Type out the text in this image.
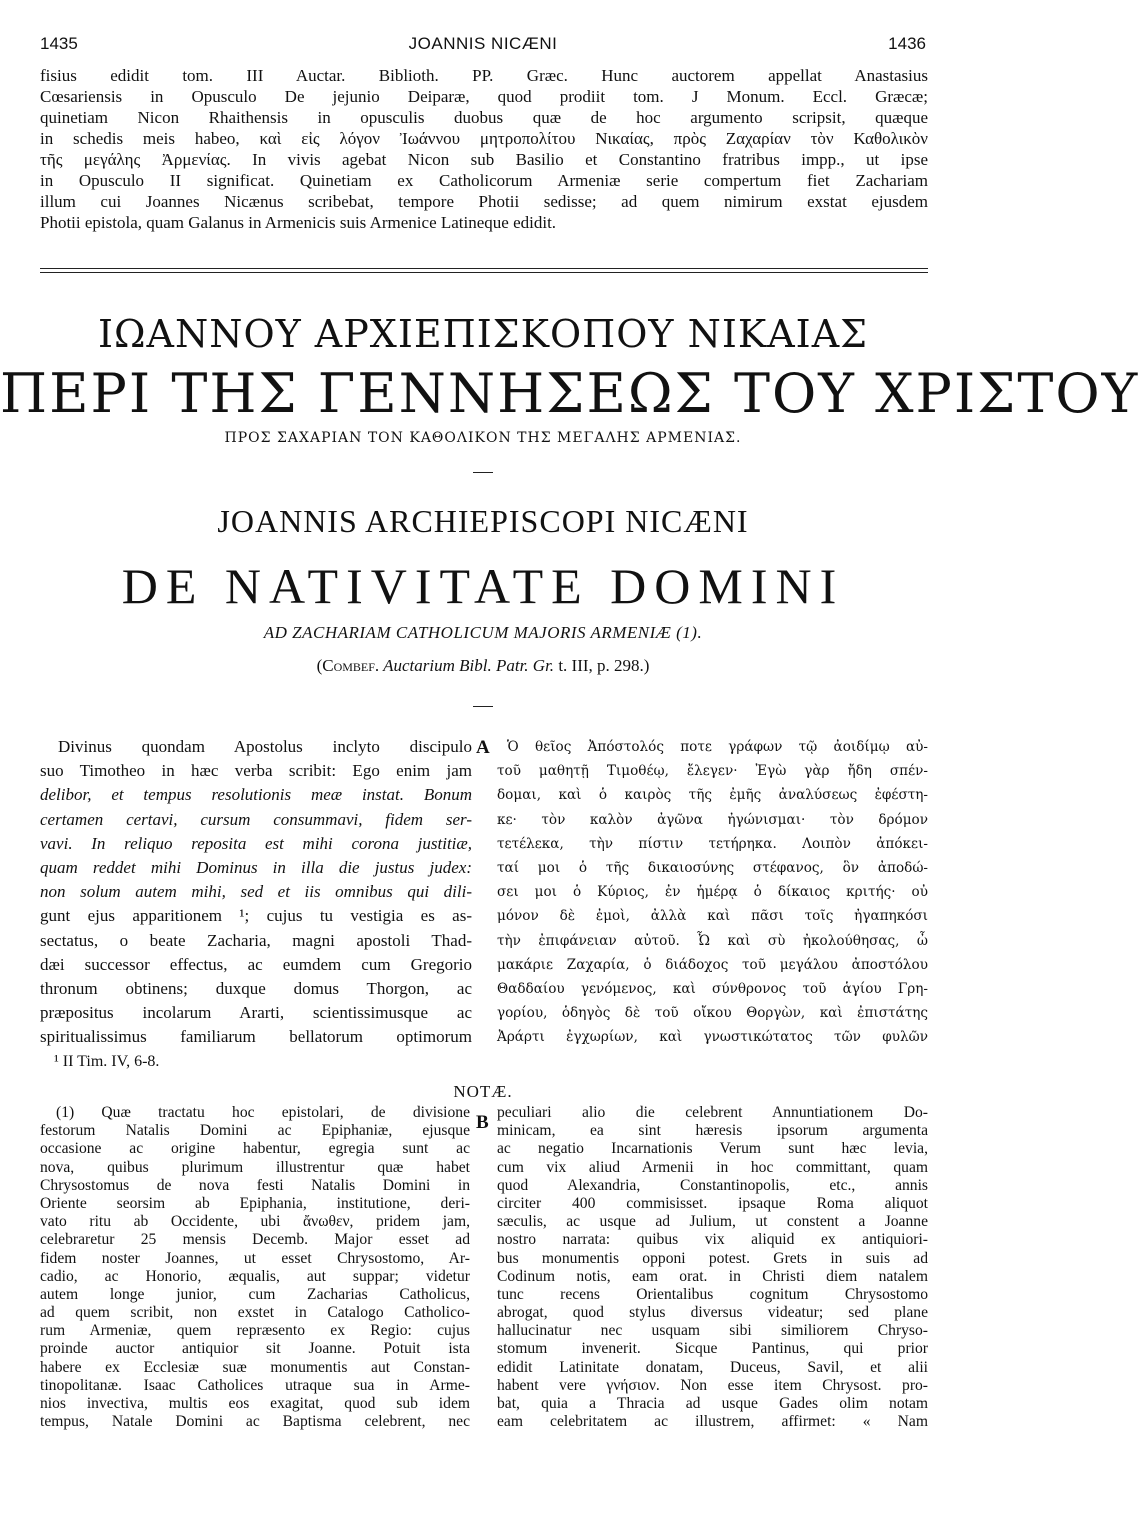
1435	JOANNIS NICÆNI	1436
fisius edidit tom. III Auctar. Biblioth. PP. Græc. Hunc auctorem appellat Anastasius
Cœsariensis in Opusculo De jejunio Deiparæ, quod prodiit tom. J Monum. Eccl. Græcæ;
quinetiam Nicon Rhaithensis in opusculis duobus quæ de hoc argumento scripsit, quæque
in schedis meis habeo, καὶ εἰς λόγον Ἰωάννου μητροπολίτου Νικαίας, πρὸς Ζαχαρίαν τὸν Καθολικὸν
τῆς μεγάλης Ἀρμενίας. In vivis agebat Nicon sub Basilio et Constantino fratribus impp., ut ipse
in Opusculo II significat. Quinetiam ex Catholicorum Armeniæ serie compertum fiet Zachariam
illum cui Joannes Nicænus scribebat, tempore Photii sedisse; ad quem nimirum exstat ejusdem
Photii epistola, quam Galanus in Armenicis suis Armenice Latineque edidit.
ΙΩΑΝΝΟΥ ΑΡΧΙΕΠΙΣΚΟΠΟΥ ΝΙΚΑΙΑΣ
ΠΕΡΙ ΤΗΣ ΓΕΝΝΗΣΕΩΣ ΤΟΥ ΧΡΙΣΤΟΥ
ΠΡΟΣ ΣΑΧΑΡΙΑΝ ΤΟΝ ΚΑΘΟΛΙΚΟΝ ΤΗΣ ΜΕΓΑΛΗΣ ΑΡΜΕΝΙΑΣ.
JOANNIS ARCHIEPISCOPI NICÆNI
DE NATIVITATE DOMINI
AD ZACHARIAM CATHOLICUM MAJORIS ARMENIÆ (1).
(Combef. Auctarium Bibl. Patr. Gr. t. III, p. 298.)
Divinus quondam Apostolus inclyto discipulo
suo Timotheo in hæc verba scribit: Ego enim jam
delibor, et tempus resolutionis meæ instat. Bonum
certamen certavi, cursum consummavi, fidem ser-
vavi. In reliquo reposita est mihi corona justitiæ,
quam reddet mihi Dominus in illa die justus judex:
non solum autem mihi, sed et iis omnibus qui dili-
gunt ejus apparitionem ¹; cujus tu vestigia es as-
sectatus, o beate Zacharia, magni apostoli Thad-
dæi successor effectus, ac eumdem cum Gregorio
thronum obtinens; duxque domus Thorgon, ac
præpositus incolarum Ararti, scientissimusque ac
spiritualissimus familiarum bellatorum optimorum
A	Ὁ θεῖος Ἀπόστολός ποτε γράφων τῷ ἀοιδίμῳ αὐ-
τοῦ μαθητῇ Τιμοθέῳ, ἔλεγεν· Ἐγὼ γὰρ ἤδη σπέν-
δομαι, καὶ ὁ καιρὸς τῆς ἐμῆς ἀναλύσεως ἐφέστη-
κε· τὸν καλὸν ἀγῶνα ἠγώνισμαι· τὸν δρόμον
τετέλεκα, τὴν πίστιν τετήρηκα. Λοιπὸν ἀπόκει-
ταί μοι ὁ τῆς δικαιοσύνης στέφανος, ὃν ἀποδώ-
σει μοι ὁ Κύριος, ἐν ἡμέρᾳ ὁ δίκαιος κριτής· οὐ
μόνον δὲ ἐμοὶ, ἀλλὰ καὶ πᾶσι τοῖς ἠγαπηκόσι
τὴν ἐπιφάνειαν αὐτοῦ. Ὦ καὶ σὺ ἠκολούθησας, ὦ
μακάριε Ζαχαρία, ὁ διάδοχος τοῦ μεγάλου ἀποστόλου
Θαδδαίου γενόμενος, καὶ σύνθρονος τοῦ ἁγίου Γρη-
γορίου, ὁδηγὸς δὲ τοῦ οἴκου Θοργὼν, καὶ ἐπιστάτης
Ἀράρτι ἐγχωρίων, καὶ γνωστικώτατος τῶν φυλῶν
¹ II Tim. IV, 6-8.
NOTÆ.
(1) Quæ tractatu hoc epistolari, de divisione
festorum Natalis Domini ac Epiphaniæ, ejusque
occasione ac origine habentur, egregia sunt ac
nova, quibus plurimum illustrentur quæ habet
Chrysostomus de nova festi Natalis Domini in
Oriente seorsim ab Epiphania, institutione, deri-
vato ritu ab Occidente, ubi ἄνωθεν, pridem jam,
celebraretur 25 mensis Decemb. Major esset ad
fidem noster Joannes, ut esset Chrysostomo, Ar-
cadio, ac Honorio, æqualis, aut suppar; videtur
autem longe junior, cum Zacharias Catholicus,
ad quem scribit, non exstet in Catalogo Catholico-
rum Armeniæ, quem repræsento ex Regio: cujus
proinde auctor antiquior sit Joanne. Potuit ista
habere ex Ecclesiæ suæ monumentis aut Constan-
tinopolitanæ. Isaac Catholices utraque sua in Arme-
nios invectiva, multis eos exagitat, quod sub idem
tempus, Natale Domini ac Baptisma celebrent, nec
B peculiari alio die celebrent Annuntiationem Do-
minicam, ea sint hæresis ipsorum argumenta
ac negatio Incarnationis Verum sunt hæc levia,
cum vix aliud Armenii in hoc committant, quam
quod Alexandria, Constantinopolis, etc., annis
circiter 400 commisisset. ipsaque Roma aliquot
sæculis, ac usque ad Julium, ut constent a Joanne
nostro narrata: quibus vix aliquid ex antiquiori-
bus monumentis opponi potest. Grets in suis ad
Codinum notis, eam orat. in Christi diem natalem
tunc recens Orientalibus cognitum Chrysostomo
abrogat, quod stylus diversus videatur; sed plane
hallucinatur nec usquam sibi similiorem Chryso-
stomum invenerit. Sicque Pantinus, qui prior
edidit Latinitate donatam, Duceus, Savil, et alii
habent vere γνήσιον. Non esse item Chrysost. pro-
bat, quia a Thracia ad usque Gades olim notam
eam celebritatem ac illustrem, affirmet: « Nam
